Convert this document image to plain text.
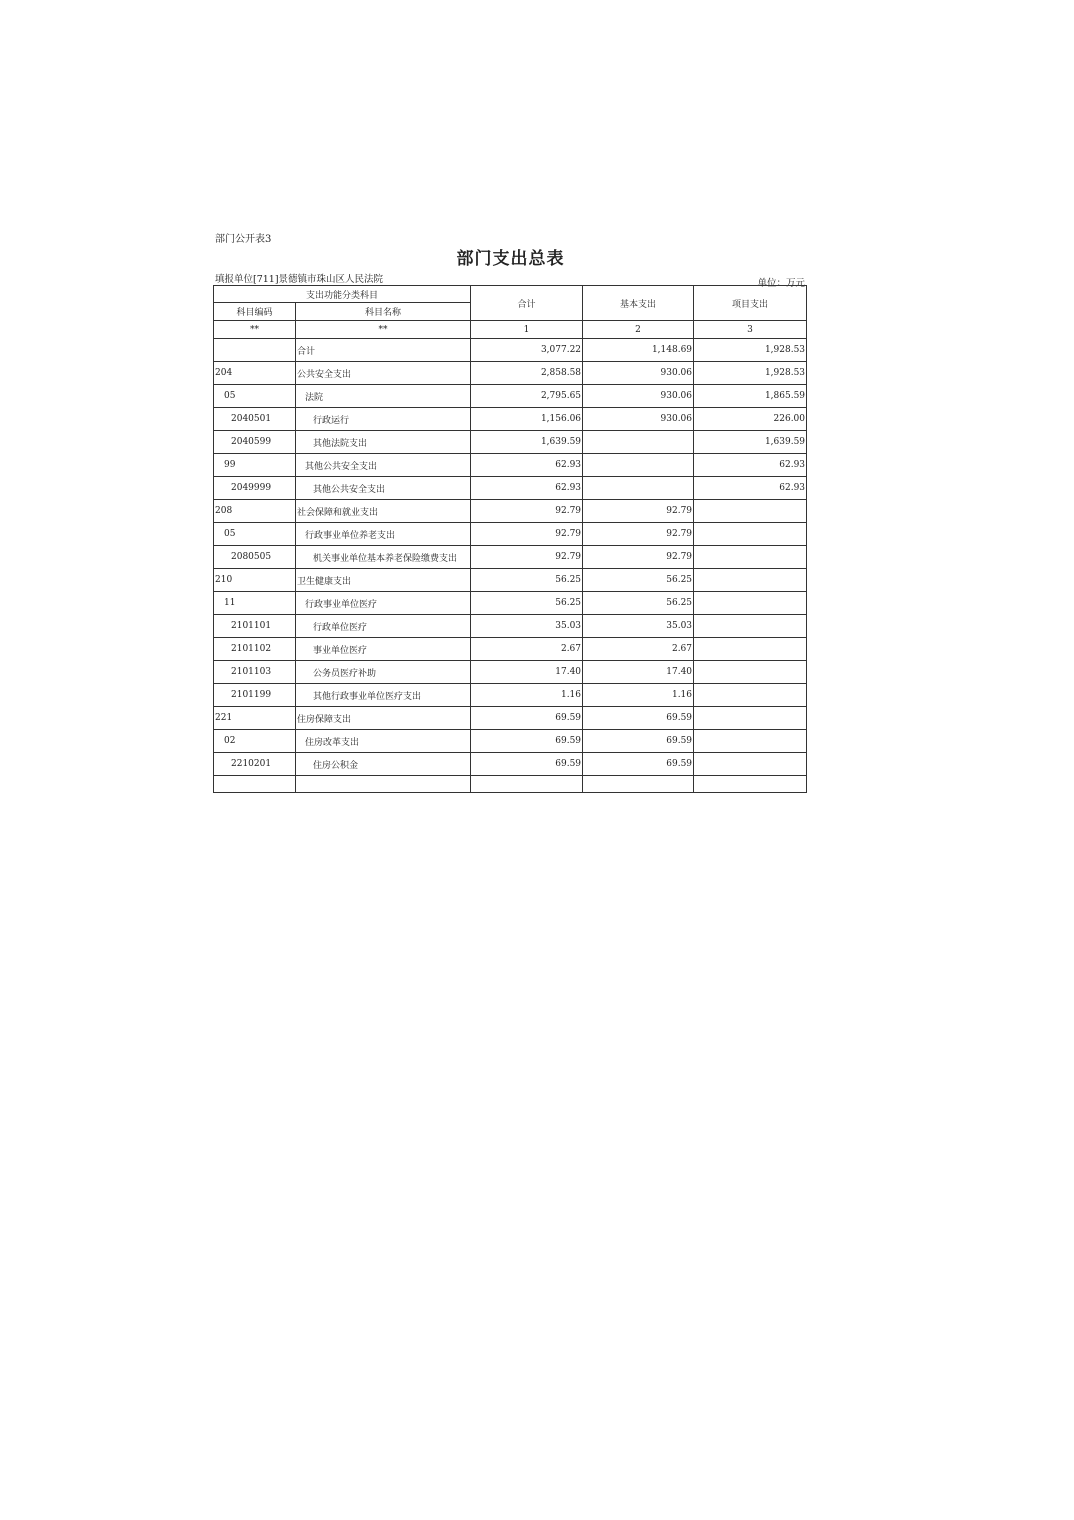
部门公开表3
部门支出总表
填报单位[711]景德镇市珠山区人民法院	单位：万元
支出功能分类科目		合计	基本支出	项目支出
科目编码	科目名称			
**	**	1	2	3
	合计	3,077.22	1,148.69	1,928.53
204	公共安全支出	2,858.58	930.06	1,928.53
05	法院	2,795.65	930.06	1,865.59
2040501	行政运行	1,156.06	930.06	226.00
2040599	其他法院支出	1,639.59		1,639.59
99	其他公共安全支出	62.93		62.93
2049999	其他公共安全支出	62.93		62.93
208	社会保障和就业支出	92.79	92.79	
05	行政事业单位养老支出	92.79	92.79	
2080505	机关事业单位基本养老保险缴费支出	92.79	92.79	
210	卫生健康支出	56.25	56.25	
11	行政事业单位医疗	56.25	56.25	
2101101	行政单位医疗	35.03	35.03	
2101102	事业单位医疗	2.67	2.67	
2101103	公务员医疗补助	17.40	17.40	
2101199	其他行政事业单位医疗支出	1.16	1.16	
221	住房保障支出	69.59	69.59	
02	住房改革支出	69.59	69.59	
2210201	住房公积金	69.59	69.59	
